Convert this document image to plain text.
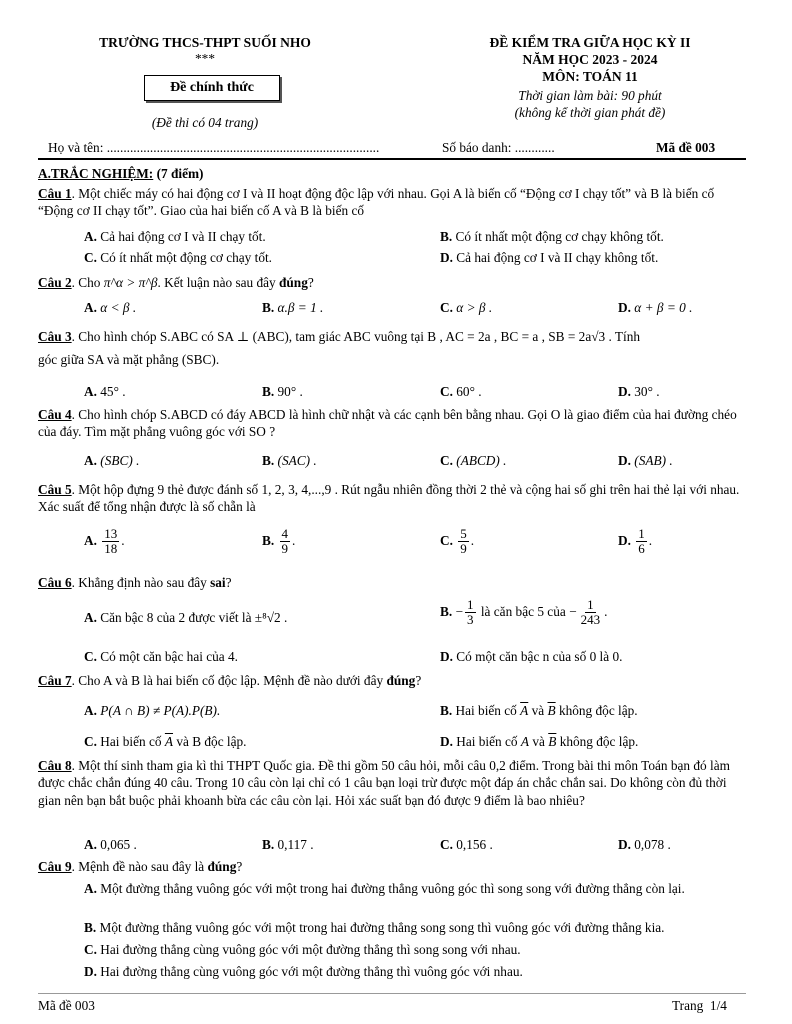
TRƯỜNG THCS-THPT SUỐI NHO
***
Đề chính thức
(Đề thi có 04 trang)
ĐỀ KIỂM TRA GIỮA HỌC KỲ II
NĂM HỌC 2023 - 2024
MÔN: TOÁN 11
Thời gian làm bài: 90 phút
(không kể thời gian phát đề)
Họ và tên: ..................................................................................	Số báo danh: ............	Mã đề 003
A.TRẮC NGHIỆM: (7 điểm)
Câu 1. Một chiếc máy có hai động cơ I và II hoạt động độc lập với nhau. Gọi A là biến cố “Động cơ I chạy tốt” và B là biến cố “Động cơ II chạy tốt”. Giao của hai biến cố A và B là biến cố
A. Cả hai động cơ I và II chạy tốt.	B. Có ít nhất một động cơ chạy không tốt.
C. Có ít nhất một động cơ chạy tốt.	D. Cả hai động cơ I và II chạy không tốt.
Câu 2. Cho π^α > π^β. Kết luận nào sau đây đúng?
A. α < β .	B. α.β = 1 .	C. α > β .	D. α + β = 0 .
Câu 3. Cho hình chóp S.ABC có SA ⊥ (ABC), tam giác ABC vuông tại B , AC = 2a , BC = a , SB = 2a√3 . Tính
góc giữa SA và mặt phẳng (SBC).
A. 45° .	B. 90° .	C. 60° .	D. 30° .
Câu 4. Cho hình chóp S.ABCD có đáy ABCD là hình chữ nhật và các cạnh bên bằng nhau. Gọi O là giao điểm của hai đường chéo của đáy. Tìm mặt phẳng vuông góc với SO ?
A. (SBC) .	B. (SAC) .	C. (ABCD) .	D. (SAB) .
Câu 5. Một hộp đựng 9 thẻ được đánh số 1, 2, 3, 4,...,9 . Rút ngẫu nhiên đồng thời 2 thẻ và cộng hai số ghi trên hai thẻ lại với nhau. Xác suất để tổng nhận được là số chẵn là
A. $\frac{13}{18}$ .	B. $\frac{4}{9}$ .	C. $\frac{5}{9}$ .	D. $\frac{1}{6}$ .
Câu 6. Khẳng định nào sau đây sai?
A. Căn bậc 8 của 2 được viết là ±⁸√2 .	B. − $\frac{1}{3}$ là căn bậc 5 của − $\frac{1}{243}$ .
C. Có một căn bậc hai của 4.	D. Có một căn bậc n của số 0 là 0.
Câu 7. Cho A và B là hai biến cố độc lập. Mệnh đề nào dưới đây đúng?
A. P(A ∩ B) ≠ P(A).P(B).	B. Hai biến cố $\overline{A}$ và $\overline{B}$ không độc lập.
C. Hai biến cố $\overline{A}$ và B độc lập.	D. Hai biến cố A và $\overline{B}$ không độc lập.
Câu 8. Một thí sinh tham gia kì thi THPT Quốc gia. Đề thi gồm 50 câu hỏi, mỗi câu 0,2 điểm. Trong bài thi môn Toán bạn đó làm được chắc chắn đúng 40 câu. Trong 10 câu còn lại chỉ có 1 câu bạn loại trừ được một đáp án chắc chắn sai. Do không còn đủ thời gian nên bạn bắt buộc phải khoanh bừa các câu còn lại. Hỏi xác suất bạn đó được 9 điểm là bao nhiêu?
A. 0,065 .	B. 0,117 .	C. 0,156 .	D. 0,078 .
Câu 9. Mệnh đề nào sau đây là đúng?
A. Một đường thẳng vuông góc với một trong hai đường thẳng vuông góc thì song song với đường thẳng còn lại.
B. Một đường thẳng vuông góc với một trong hai đường thẳng song song thì vuông góc với đường thẳng kia.
C. Hai đường thẳng cùng vuông góc với một đường thẳng thì song song với nhau.
D. Hai đường thẳng cùng vuông góc với một đường thẳng thì vuông góc với nhau.
Mã đề 003	Trang  1/4
